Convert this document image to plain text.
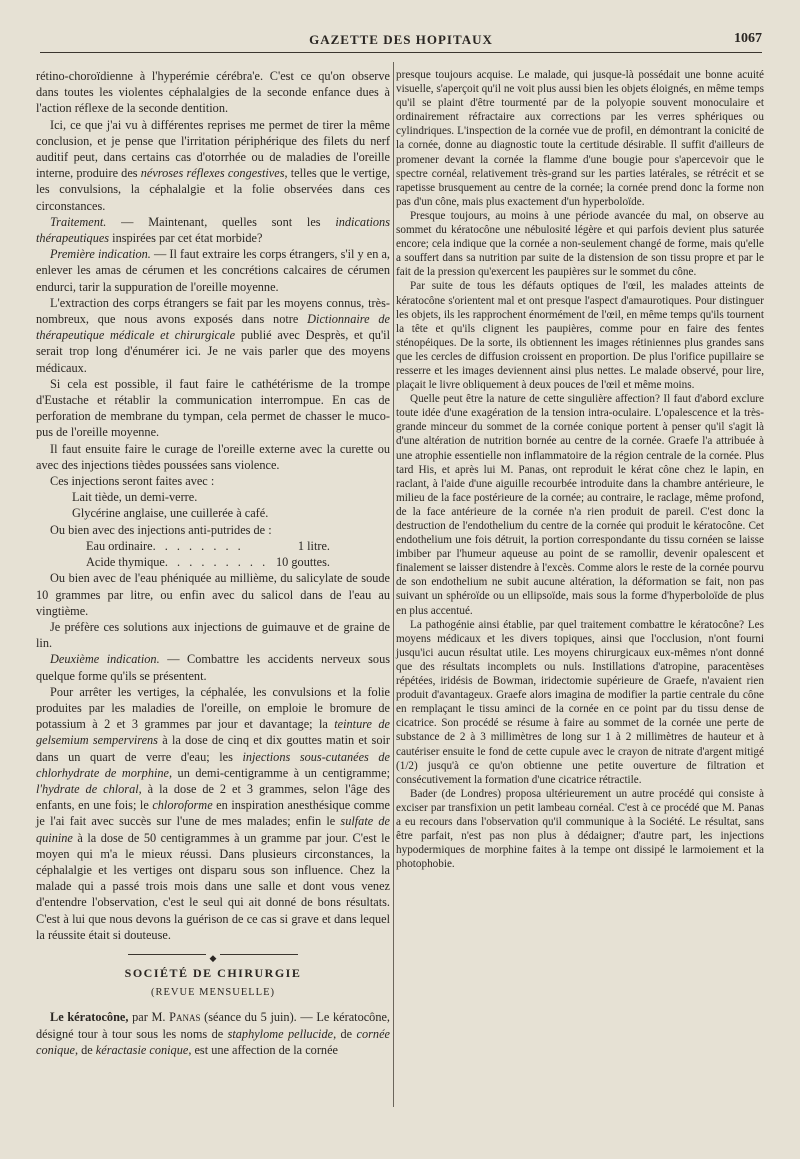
GAZETTE DES HOPITAUX	1067

rétino-choroïdienne à l'hyperémie cérébra'e. C'est ce qu'on observe dans toutes les violentes céphalalgies de la seconde enfance dues à l'action réflexe de la seconde dentition.

Ici, ce que j'ai vu à différentes reprises me permet de tirer la même conclusion, et je pense que l'irritation périphérique des filets du nerf auditif peut, dans certains cas d'otorrhée ou de maladies de l'oreille interne, produire des névroses réflexes congestives, telles que le vertige, les convulsions, la céphalalgie et la folie observées dans ces circonstances.

Traitement. — Maintenant, quelles sont les indications thérapeutiques inspirées par cet état morbide?

Première indication. — Il faut extraire les corps étrangers, s'il y en a, enlever les amas de cérumen et les concrétions calcaires de cérumen endurci, tarir la suppuration de l'oreille moyenne.

L'extraction des corps étrangers se fait par les moyens connus, très-nombreux, que nous avons exposés dans notre Dictionnaire de thérapeutique médicale et chirurgicale publié avec Desprès, et qu'il serait trop long d'énumérer ici. Je ne vais parler que des moyens médicaux.

Si cela est possible, il faut faire le cathétérisme de la trompe d'Eustache et rétablir la communication interrompue. En cas de perforation de membrane du tympan, cela permet de chasser le muco-pus de l'oreille moyenne.

Il faut ensuite faire le curage de l'oreille externe avec la curette ou avec des injections tièdes poussées sans violence.

Ces injections seront faites avec :

Lait tiède, un demi-verre.

Glycérine anglaise, une cuillerée à café.

Ou bien avec des injections anti-putrides de :

Eau ordinaire . . . . . . . .	1 litre.
Acide thymique . . . . . . . . . 10 gouttes.

Ou bien avec de l'eau phéniquée au millième, du salicylate de soude 10 grammes par litre, ou enfin avec du salicol dans de l'eau au vingtième.

Je préfère ces solutions aux injections de guimauve et de graine de lin.

Deuxième indication. — Combattre les accidents nerveux sous quelque forme qu'ils se présentent.

Pour arrêter les vertiges, la céphalée, les convulsions et la folie produites par les maladies de l'oreille, on emploie le bromure de potassium à 2 et 3 grammes par jour et davantage; la teinture de gelsemium sempervirens à la dose de cinq et dix gouttes matin et soir dans un quart de verre d'eau; les injections sous-cutanées de chlorhydrate de morphine, un demi-centigramme à un centigramme; l'hydrate de chloral, à la dose de 2 et 3 grammes, selon l'âge des enfants, en une fois; le chloroforme en inspiration anesthésique comme je l'ai fait avec succès sur l'une de mes malades; enfin le sulfate de quinine à la dose de 50 centigrammes à un gramme par jour. C'est le moyen qui m'a le mieux réussi. Dans plusieurs circonstances, la céphalalgie et les vertiges ont disparu sous son influence. Chez la malade qui a passé trois mois dans une salle et dont vous venez d'entendre l'observation, c'est le seul qui ait donné de bons résultats. C'est à lui que nous devons la guérison de ce cas si grave et dans lequel la réussite était si douteuse.

◆
SOCIÉTÉ DE CHIRURGIE
(REVUE MENSUELLE)

Le kératocône, par M. Panas (séance du 5 juin). — Le kératocône, désigné tour à tour sous les noms de staphylome pellucide, de cornée conique, de kéractasie conique, est une affection de la cornée

presque toujours acquise. Le malade, qui jusque-là possédait une bonne acuité visuelle, s'aperçoit qu'il ne voit plus aussi bien les objets éloignés, en même temps qu'il se plaint d'être tourmenté par de la polyopie souvent monoculaire et ordinairement réfractaire aux corrections par les verres sphériques ou cylindriques. L'inspection de la cornée vue de profil, en démontrant la conicité de la cornée, donne au diagnostic toute la certitude désirable. Il suffit d'ailleurs de promener devant la cornée la flamme d'une bougie pour s'apercevoir que le spectre cornéal, relativement très-grand sur les parties latérales, se rétrécit et se rapetisse brusquement au centre de la cornée; la cornée prend donc la forme non pas d'un cône, mais plus exactement d'un hyperboloïde.

Presque toujours, au moins à une période avancée du mal, on observe au sommet du kératocône une nébulosité légère et qui parfois devient plus saturée encore; cela indique que la cornée a non-seulement changé de forme, mais qu'elle a souffert dans sa nutrition par suite de la distension de son tissu propre et par le fait de la pression qu'exercent les paupières sur le sommet du cône.

Par suite de tous les défauts optiques de l'œil, les malades atteints de kératocône s'orientent mal et ont presque l'aspect d'amaurotiques. Pour distinguer les objets, ils les rapprochent énormément de l'œil, en même temps qu'ils tournent la tête et qu'ils clignent les paupières, comme pour en faire des fentes sténopéiques. De la sorte, ils obtiennent les images rétiniennes plus grandes sans que les cercles de diffusion croissent en proportion. De plus l'orifice pupillaire se resserre et les images deviennent ainsi plus nettes. Le malade observé, pour lire, plaçait le livre obliquement à deux pouces de l'œil et même moins.

Quelle peut être la nature de cette singulière affection? Il faut d'abord exclure toute idée d'une exagération de la tension intra-oculaire. L'opalescence et la très-grande minceur du sommet de la cornée conique portent à penser qu'il s'agit là d'une altération de nutrition bornée au centre de la cornée. Graefe l'a attribuée à une atrophie essentielle non inflammatoire de la région centrale de la cornée. Plus tard His, et après lui M. Panas, ont reproduit le kérat cône chez le lapin, en raclant, à l'aide d'une aiguille recourbée introduite dans la chambre antérieure, le milieu de la face postérieure de la cornée; au contraire, le raclage, même profond, de la face antérieure de la cornée n'a rien produit de pareil. C'est donc la destruction de l'endothelium du centre de la cornée qui produit le kératocône. Cet endothelium une fois détruit, la portion correspondante du tissu cornéen se laisse imbiber par l'humeur aqueuse au point de se ramollir, devenir opalescent et finalement se laisser distendre à l'excès. Comme alors le reste de la cornée pourvu de son endothelium ne subit aucune altération, la déformation se fait, non pas suivant un sphéroïde ou un ellipsoïde, mais sous la forme d'hyperboloïde de plus en plus accentué.

La pathogénie ainsi établie, par quel traitement combattre le kératocône? Les moyens médicaux et les divers topiques, ainsi que l'occlusion, n'ont fourni jusqu'ici aucun résultat utile. Les moyens chirurgicaux eux-mêmes n'ont donné que des résultats incomplets ou nuls. Instillations d'atropine, paracentèses répétées, iridésis de Bowman, iridectomie supérieure de Graefe, n'avaient rien produit d'avantageux. Graefe alors imagina de modifier la partie centrale du cône en remplaçant le tissu aminci de la cornée en ce point par du tissu dense de cicatrice. Son procédé se résume à faire au sommet de la cornée une perte de substance de 2 à 3 millimètres de long sur 1 à 2 millimètres de hauteur et à cautériser ensuite le fond de cette cupule avec le crayon de nitrate d'argent mitigé (1/2) jusqu'à ce qu'on obtienne une petite ouverture de filtration et consécutivement la formation d'une cicatrice rétractile.

Bader (de Londres) proposa ultérieurement un autre procédé qui consiste à exciser par transfixion un petit lambeau cornéal. C'est à ce procédé que M. Panas a eu recours dans l'observation qu'il communique à la Société. Le résultat, sans être parfait, n'est pas non plus à dédaigner; d'autre part, les injections hypodermiques de morphine faites à la tempe ont dissipé le larmoiement et la photophobie.
